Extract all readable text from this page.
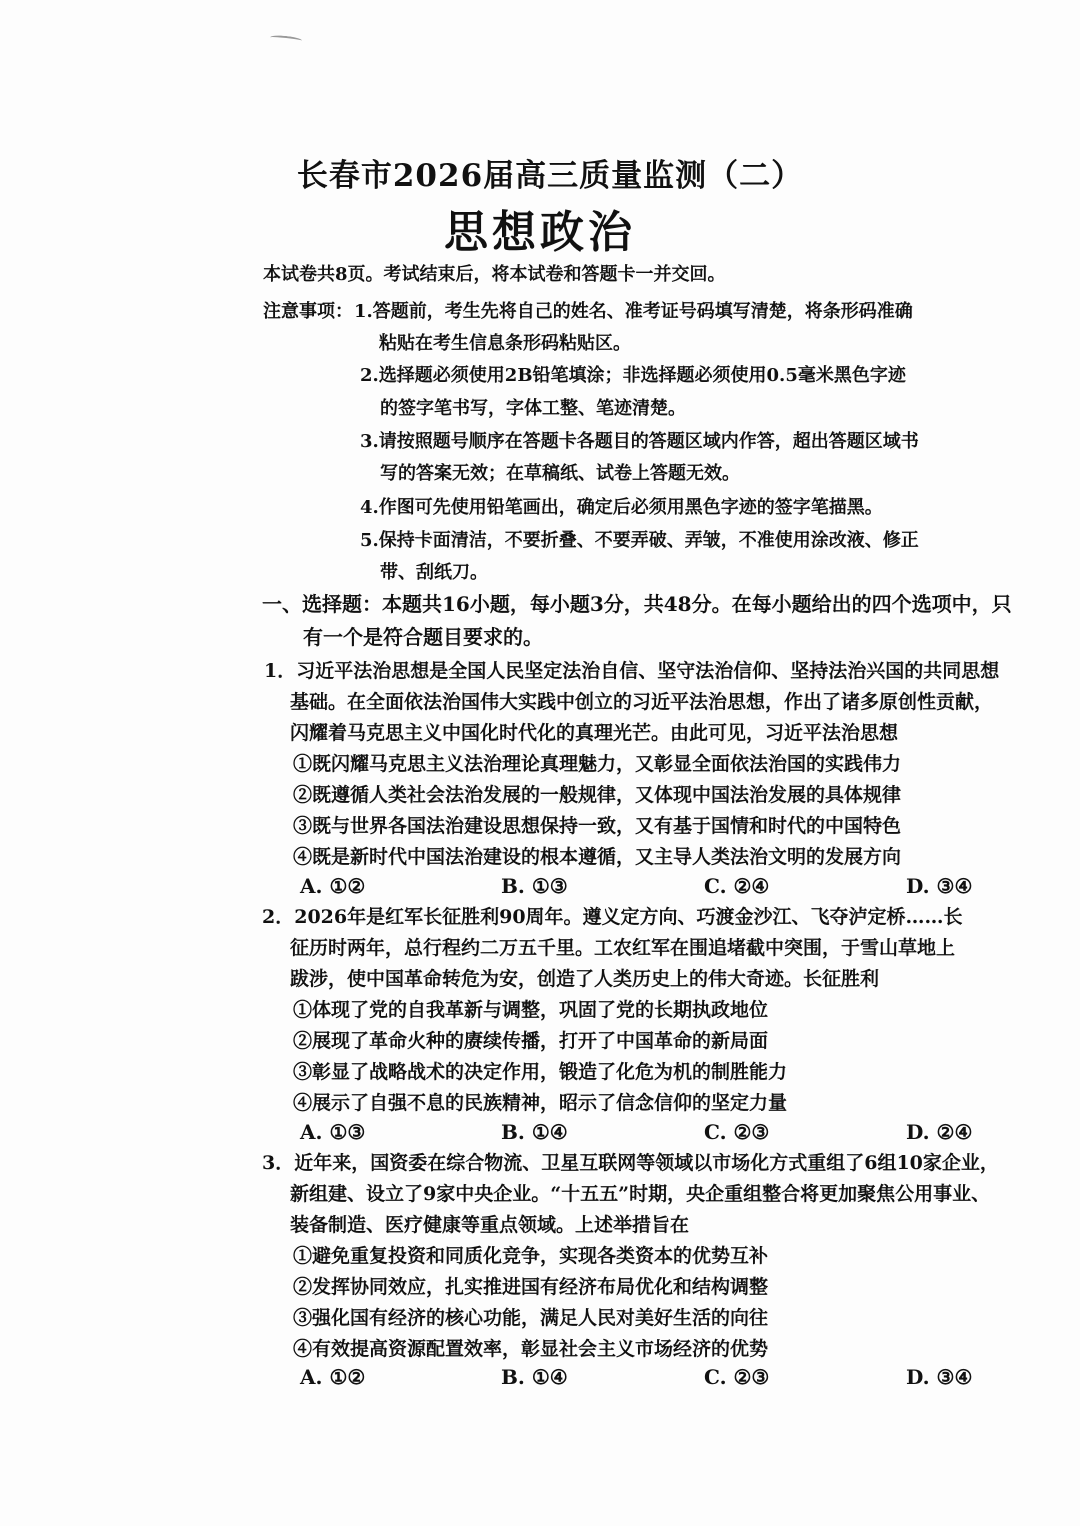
长春市2026届高三质量监测（二）
思想政治
本试卷共8页。考试结束后，将本试卷和答题卡一并交回。
注意事项： 1.答题前，考生先将自己的姓名、准考证号码填写清楚，将条形码准确
粘贴在考生信息条形码粘贴区。
2.选择题必须使用2B铅笔填涂；非选择题必须使用0.5毫米黑色字迹
的签字笔书写，字体工整、笔迹清楚。
3.请按照题号顺序在答题卡各题目的答题区域内作答，超出答题区域书
写的答案无效；在草稿纸、试卷上答题无效。
4.作图可先使用铅笔画出，确定后必须用黑色字迹的签字笔描黑。
5.保持卡面清洁，不要折叠、不要弄破、弄皱，不准使用涂改液、修正
带、刮纸刀。
一、选择题：本题共16小题，每小题3分，共48分。在每小题给出的四个选项中，只
有一个是符合题目要求的。
1．习近平法治思想是全国人民坚定法治自信、坚守法治信仰、坚持法治兴国的共同思想
基础。在全面依法治国伟大实践中创立的习近平法治思想，作出了诸多原创性贡献，
闪耀着马克思主义中国化时代化的真理光芒。由此可见，习近平法治思想
①既闪耀马克思主义法治理论真理魅力，又彰显全面依法治国的实践伟力
②既遵循人类社会法治发展的一般规律，又体现中国法治发展的具体规律
③既与世界各国法治建设思想保持一致，又有基于国情和时代的中国特色
④既是新时代中国法治建设的根本遵循，又主导人类法治文明的发展方向
A. ①②	B. ①③	C. ②④	D. ③④
2．2026年是红军长征胜利90周年。遵义定方向、巧渡金沙江、飞夺泸定桥……长
征历时两年，总行程约二万五千里。工农红军在围追堵截中突围，于雪山草地上
跋涉，使中国革命转危为安，创造了人类历史上的伟大奇迹。长征胜利
①体现了党的自我革新与调整，巩固了党的长期执政地位
②展现了革命火种的赓续传播，打开了中国革命的新局面
③彰显了战略战术的决定作用，锻造了化危为机的制胜能力
④展示了自强不息的民族精神，昭示了信念信仰的坚定力量
A. ①③	B. ①④	C. ②③	D. ②④
3．近年来，国资委在综合物流、卫星互联网等领域以市场化方式重组了6组10家企业，
新组建、设立了9家中央企业。“十五五”时期，央企重组整合将更加聚焦公用事业、
装备制造、医疗健康等重点领域。上述举措旨在
①避免重复投资和同质化竞争，实现各类资本的优势互补
②发挥协同效应，扎实推进国有经济布局优化和结构调整
③强化国有经济的核心功能，满足人民对美好生活的向往
④有效提高资源配置效率，彰显社会主义市场经济的优势
A. ①②	B. ①④	C. ②③	D. ③④
